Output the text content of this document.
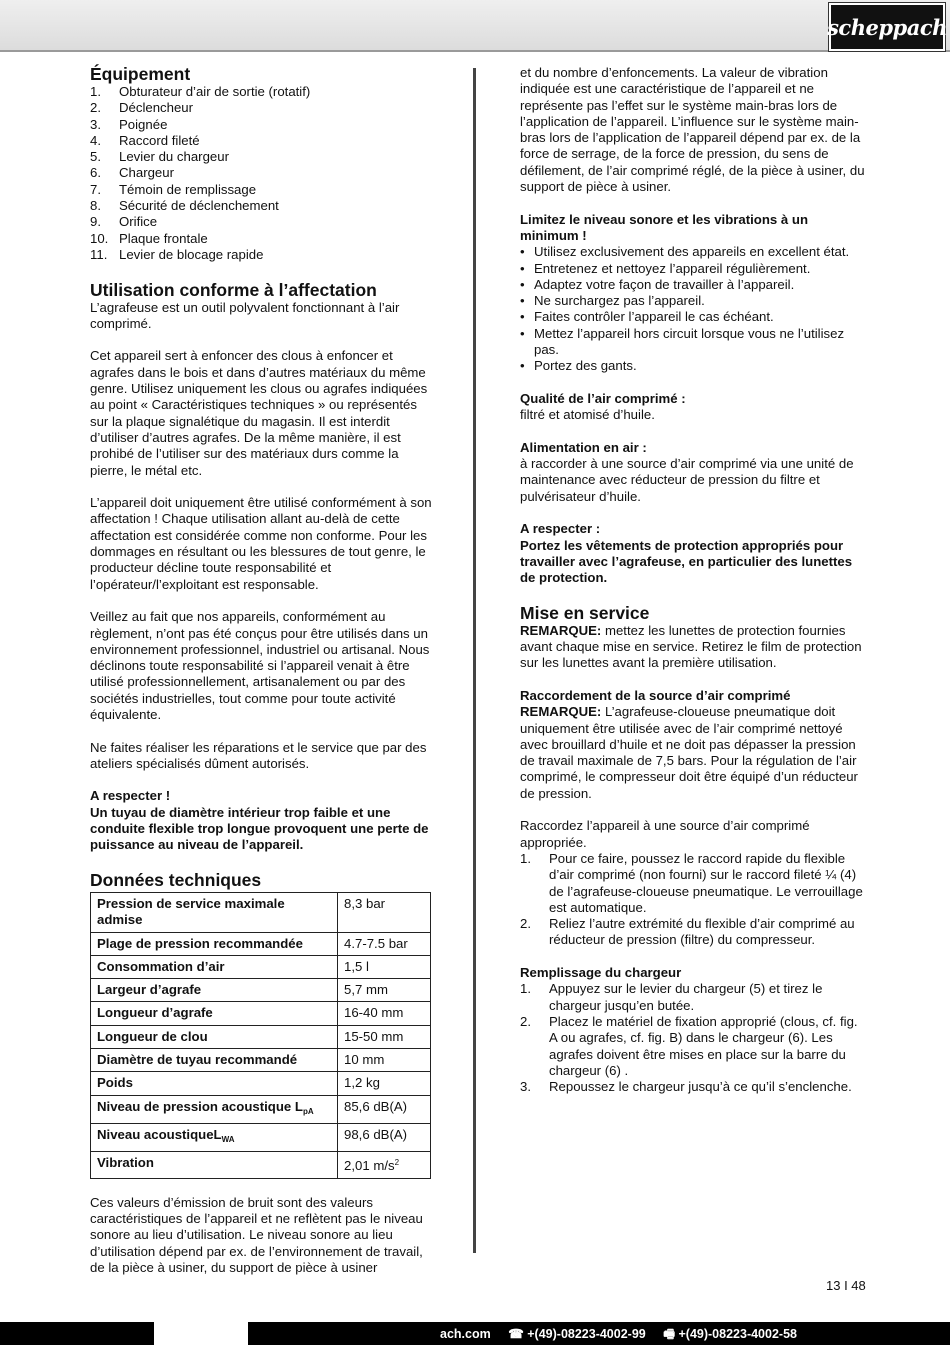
scheppach
Équipement
1.	Obturateur d’air de sortie (rotatif)
2.	Déclencheur
3.	Poignée
4.	Raccord fileté
5.	Levier du chargeur
6.	Chargeur
7.	Témoin de remplissage
8.	Sécurité de déclenchement
9.	Orifice
10. Plaque frontale
11. Levier de blocage rapide
Utilisation conforme à l’affectation

L’agrafeuse est un outil polyvalent fonctionnant à l’air comprimé.

Cet appareil sert à enfoncer des clous à enfoncer et agrafes dans le bois et dans d’autres matériaux du même genre. Utilisez uniquement les clous ou agrafes indiquées au point « Caractéristiques techniques » ou représentés sur la plaque signalétique du magasin. Il est interdit d’utiliser d’autres agrafes. De la même manière, il est prohibé de l’utiliser sur des matériaux durs comme la pierre, le métal etc.

L’appareil doit uniquement être utilisé conformément à son affectation ! Chaque utilisation allant au-delà de cette affectation est considérée comme non conforme. Pour les dommages en résultant ou les blessures de tout genre, le producteur décline toute responsabilité et l’opérateur/l’exploitant est responsable.

Veillez au fait que nos appareils, conformément au règlement, n’ont pas été conçus pour être utilisés dans un environnement professionnel, industriel ou artisanal. Nous déclinons toute responsabilité si l’appareil venait à être utilisé professionnellement, artisanalement ou par des sociétés industrielles, tout comme pour toute activité équivalente.

Ne faites réaliser les réparations et le service que par des ateliers spécialisés dûment autorisés.

A respecter !

Un tuyau de diamètre intérieur trop faible et une conduite flexible trop longue provoquent une perte de puissance au niveau de l’appareil.

Données techniques
Pression de service maximale admise	8,3 bar
Plage de pression recommandée	4.7-7.5 bar
Consommation d’air	1,5 l
Largeur d’agrafe	5,7 mm
Longueur d’agrafe	16-40 mm
Longueur de clou	15-50 mm
Diamètre de tuyau recommandé	10 mm
Poids	1,2 kg
Niveau de pression acoustique $L_{pA}$	85,6 dB(A)
Niveau acoustiqueL$_{WA}$	98,6 dB(A)
Vibration	2,01 $m/s^2$

Ces valeurs d’émission de bruit sont des valeurs caractéristiques de l’appareil et ne reflètent pas le niveau sonore au lieu d’utilisation. Le niveau sonore au lieu d’utilisation dépend par ex. de l’environnement de travail, de la pièce à usiner, du support de pièce à usiner

et du nombre d’enfoncements. La valeur de vibration indiquée est une caractéristique de l’appareil et ne représente pas l’effet sur le système main-bras lors de l’application de l’appareil. L’influence sur le système main-bras lors de l’application de l’appareil dépend par ex. de la force de serrage, de la force de pression, du sens de défilement, de l’air comprimé réglé, de la pièce à usiner, du support de pièce à usiner.

Limitez le niveau sonore et les vibrations à un minimum !

• Utilisez exclusivement des appareils en excellent état.
• Entretenez et nettoyez l’appareil régulièrement.
• Adaptez votre façon de travailler à l’appareil.
• Ne surchargez pas l’appareil.
• Faites contrôler l’appareil le cas échéant.
• Mettez l’appareil hors circuit lorsque vous ne l’utilisez pas.
• Portez des gants.

Qualité de l’air comprimé :

filtré et atomisé d’huile.

Alimentation en air :

à raccorder à une source d’air comprimé via une unité de maintenance avec réducteur de pression du filtre et pulvérisateur d’huile.

A respecter :

Portez les vêtements de protection appropriés pour travailler avec l’agrafeuse, en particulier des lunettes de protection.

Mise en service

REMARQUE: mettez les lunettes de protection fournies avant chaque mise en service. Retirez le film de protection sur les lunettes avant la première utilisation.

Raccordement de la source d’air comprimé

REMARQUE: L’agrafeuse-cloueuse pneumatique doit uniquement être utilisée avec de l’air comprimé nettoyé avec brouillard d’huile et ne doit pas dépasser la pression de travail maximale de 7,5 bars. Pour la régulation de l’air comprimé, le compresseur doit être équipé d’un réducteur de pression.

Raccordez l’appareil à une source d’air comprimé appropriée.

1.	Pour ce faire, poussez le raccord rapide du flexible d’air comprimé (non fourni) sur le raccord fileté ¼ (4) de l’agrafeuse-cloueuse pneumatique. Le verrouillage est automatique.
2.	Reliez l’autre extrémité du flexible d’air comprimé au réducteur de pression (filtre) du compresseur.

Remplissage du chargeur

1.	Appuyez sur le levier du chargeur (5) et tirez le chargeur jusqu’en butée.
2.	Placez le matériel de fixation approprié (clous, cf. fig. A ou agrafes, cf. fig. B) dans le chargeur (6). Les agrafes doivent être mises en place sur la barre du chargeur (6) .
3.	Repoussez le chargeur jusqu’à ce qu’il s’enclenche.
13 I 48
ach.com ☎ +(49)-08223-4002-99 🖷 +(49)-08223-4002-58
